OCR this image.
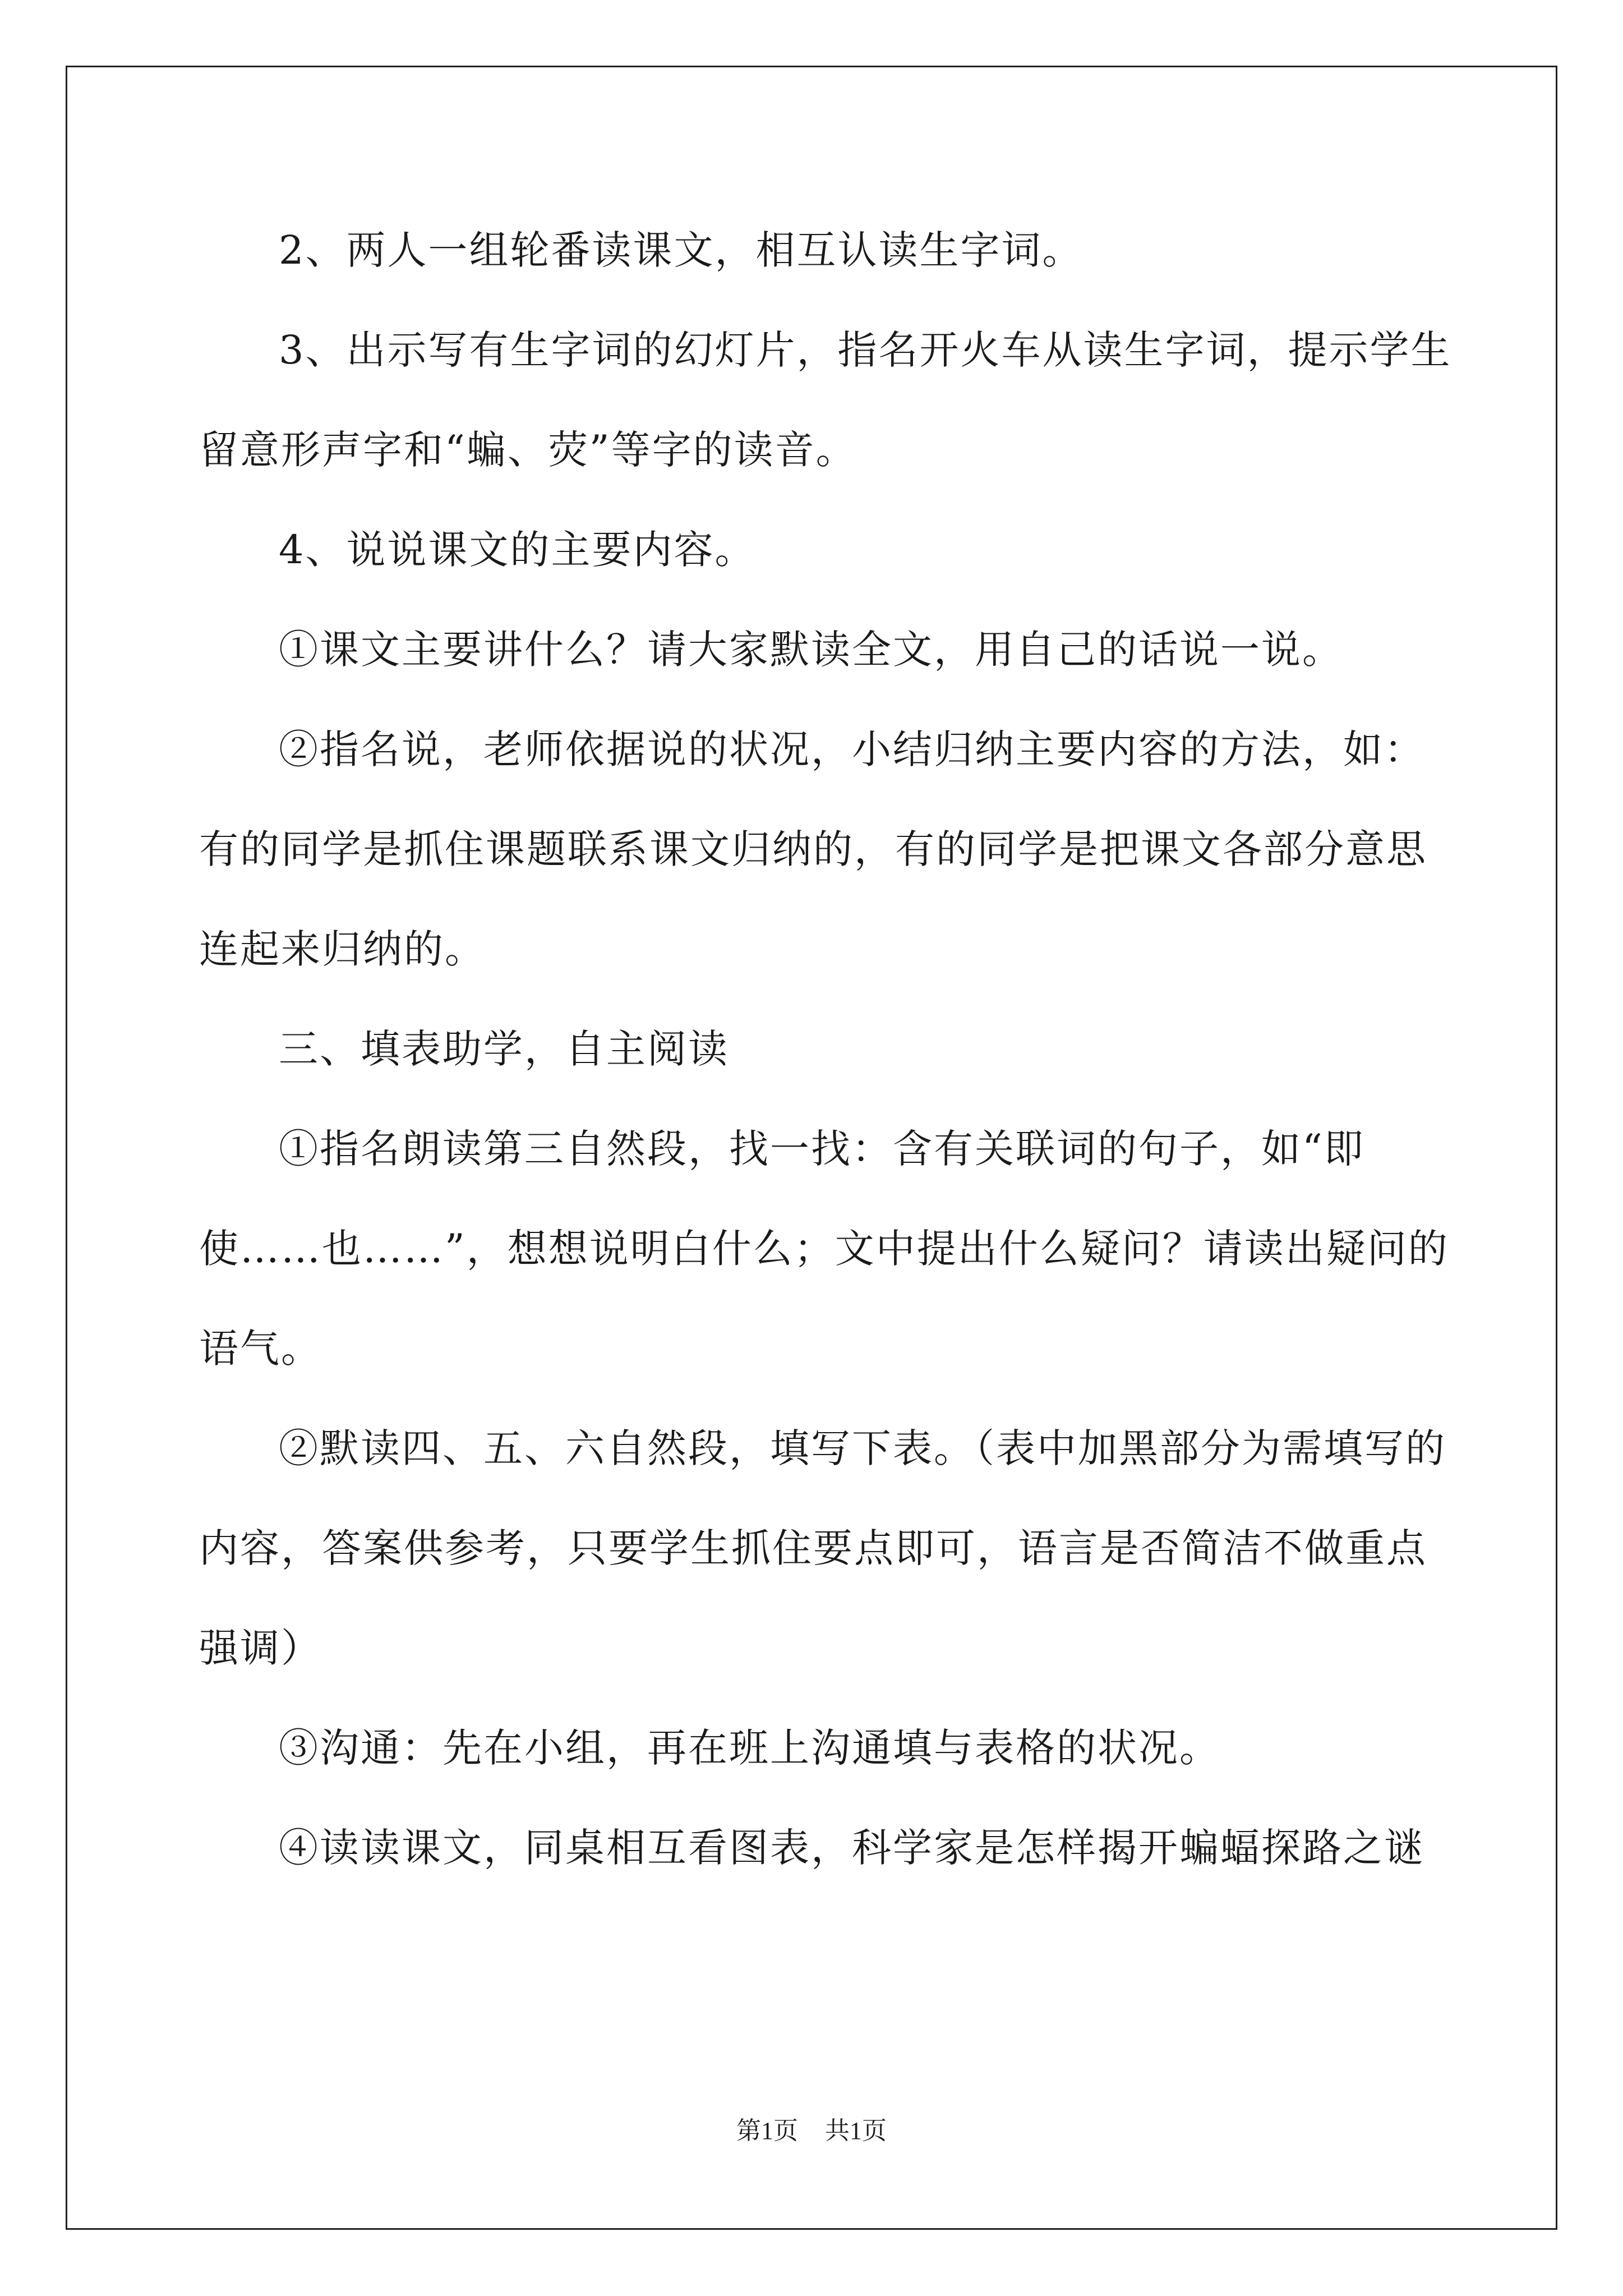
2、两人一组轮番读课文，相互认读生字词。

3、出示写有生字词的幻灯片，指名开火车从读生字词，提示学生

留意形声字和“蝙、荧”等字的读音。

4、说说课文的主要内容。

①课文主要讲什么？请大家默读全文，用自己的话说一说。

②指名说，老师依据说的状况，小结归纳主要内容的方法，如：

有的同学是抓住课题联系课文归纳的，有的同学是把课文各部分意思

连起来归纳的。

三、填表助学，自主阅读

①指名朗读第三自然段，找一找：含有关联词的句子，如“即

使……也……”，想想说明白什么；文中提出什么疑问？请读出疑问的

语气。

②默读四、五、六自然段，填写下表。（表中加黑部分为需填写的

内容，答案供参考，只要学生抓住要点即可，语言是否简洁不做重点

强调）

③沟通：先在小组，再在班上沟通填与表格的状况。

④读读课文，同桌相互看图表，科学家是怎样揭开蝙蝠探路之谜

第1页 共1页
